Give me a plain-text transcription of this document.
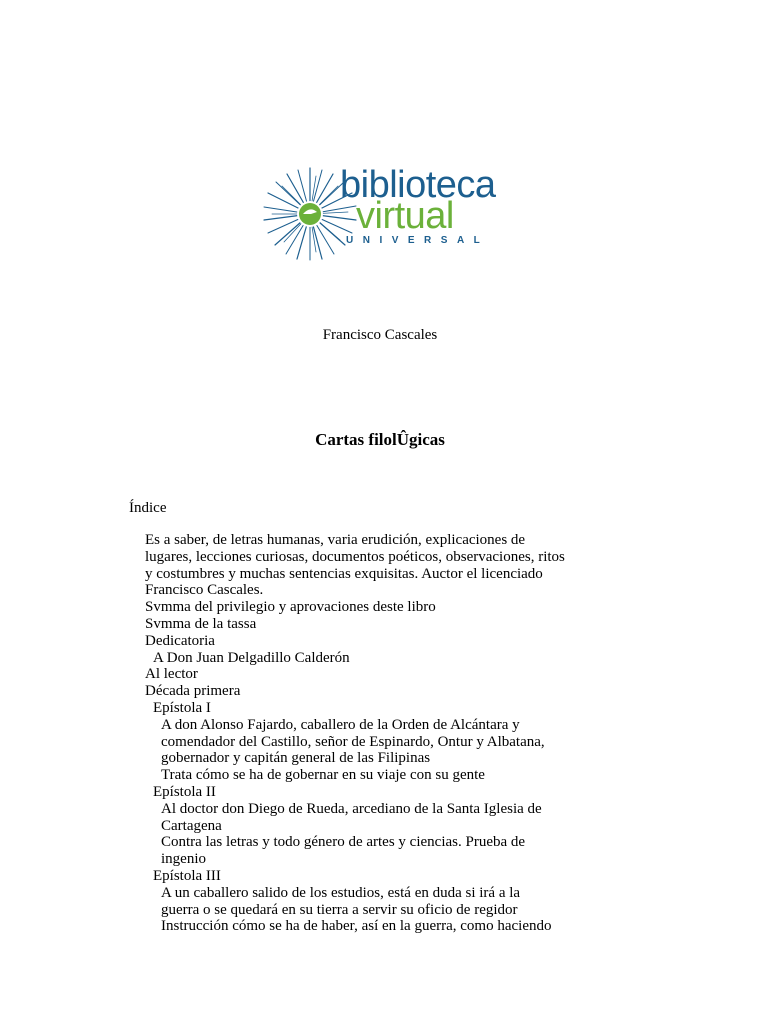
biblioteca
virtual
UNIVERSAL
Francisco Cascales
Cartas filolÛgicas
Índice
Es a saber, de letras humanas, varia erudición, explicaciones de
lugares, lecciones curiosas, documentos poéticos, observaciones, ritos
y costumbres y muchas sentencias exquisitas. Auctor el licenciado
Francisco Cascales.
Svmma del privilegio y aprovaciones deste libro
Svmma de la tassa
Dedicatoria
A Don Juan Delgadillo Calderón
Al lector
Década primera
Epístola I
A don Alonso Fajardo, caballero de la Orden de Alcántara y
comendador del Castillo, señor de Espinardo, Ontur y Albatana,
gobernador y capitán general de las Filipinas
Trata cómo se ha de gobernar en su viaje con su gente
Epístola II
Al doctor don Diego de Rueda, arcediano de la Santa Iglesia de
Cartagena
Contra las letras y todo género de artes y ciencias. Prueba de
ingenio
Epístola III
A un caballero salido de los estudios, está en duda si irá a la
guerra o se quedará en su tierra a servir su oficio de regidor
Instrucción cómo se ha de haber, así en la guerra, como haciendo
